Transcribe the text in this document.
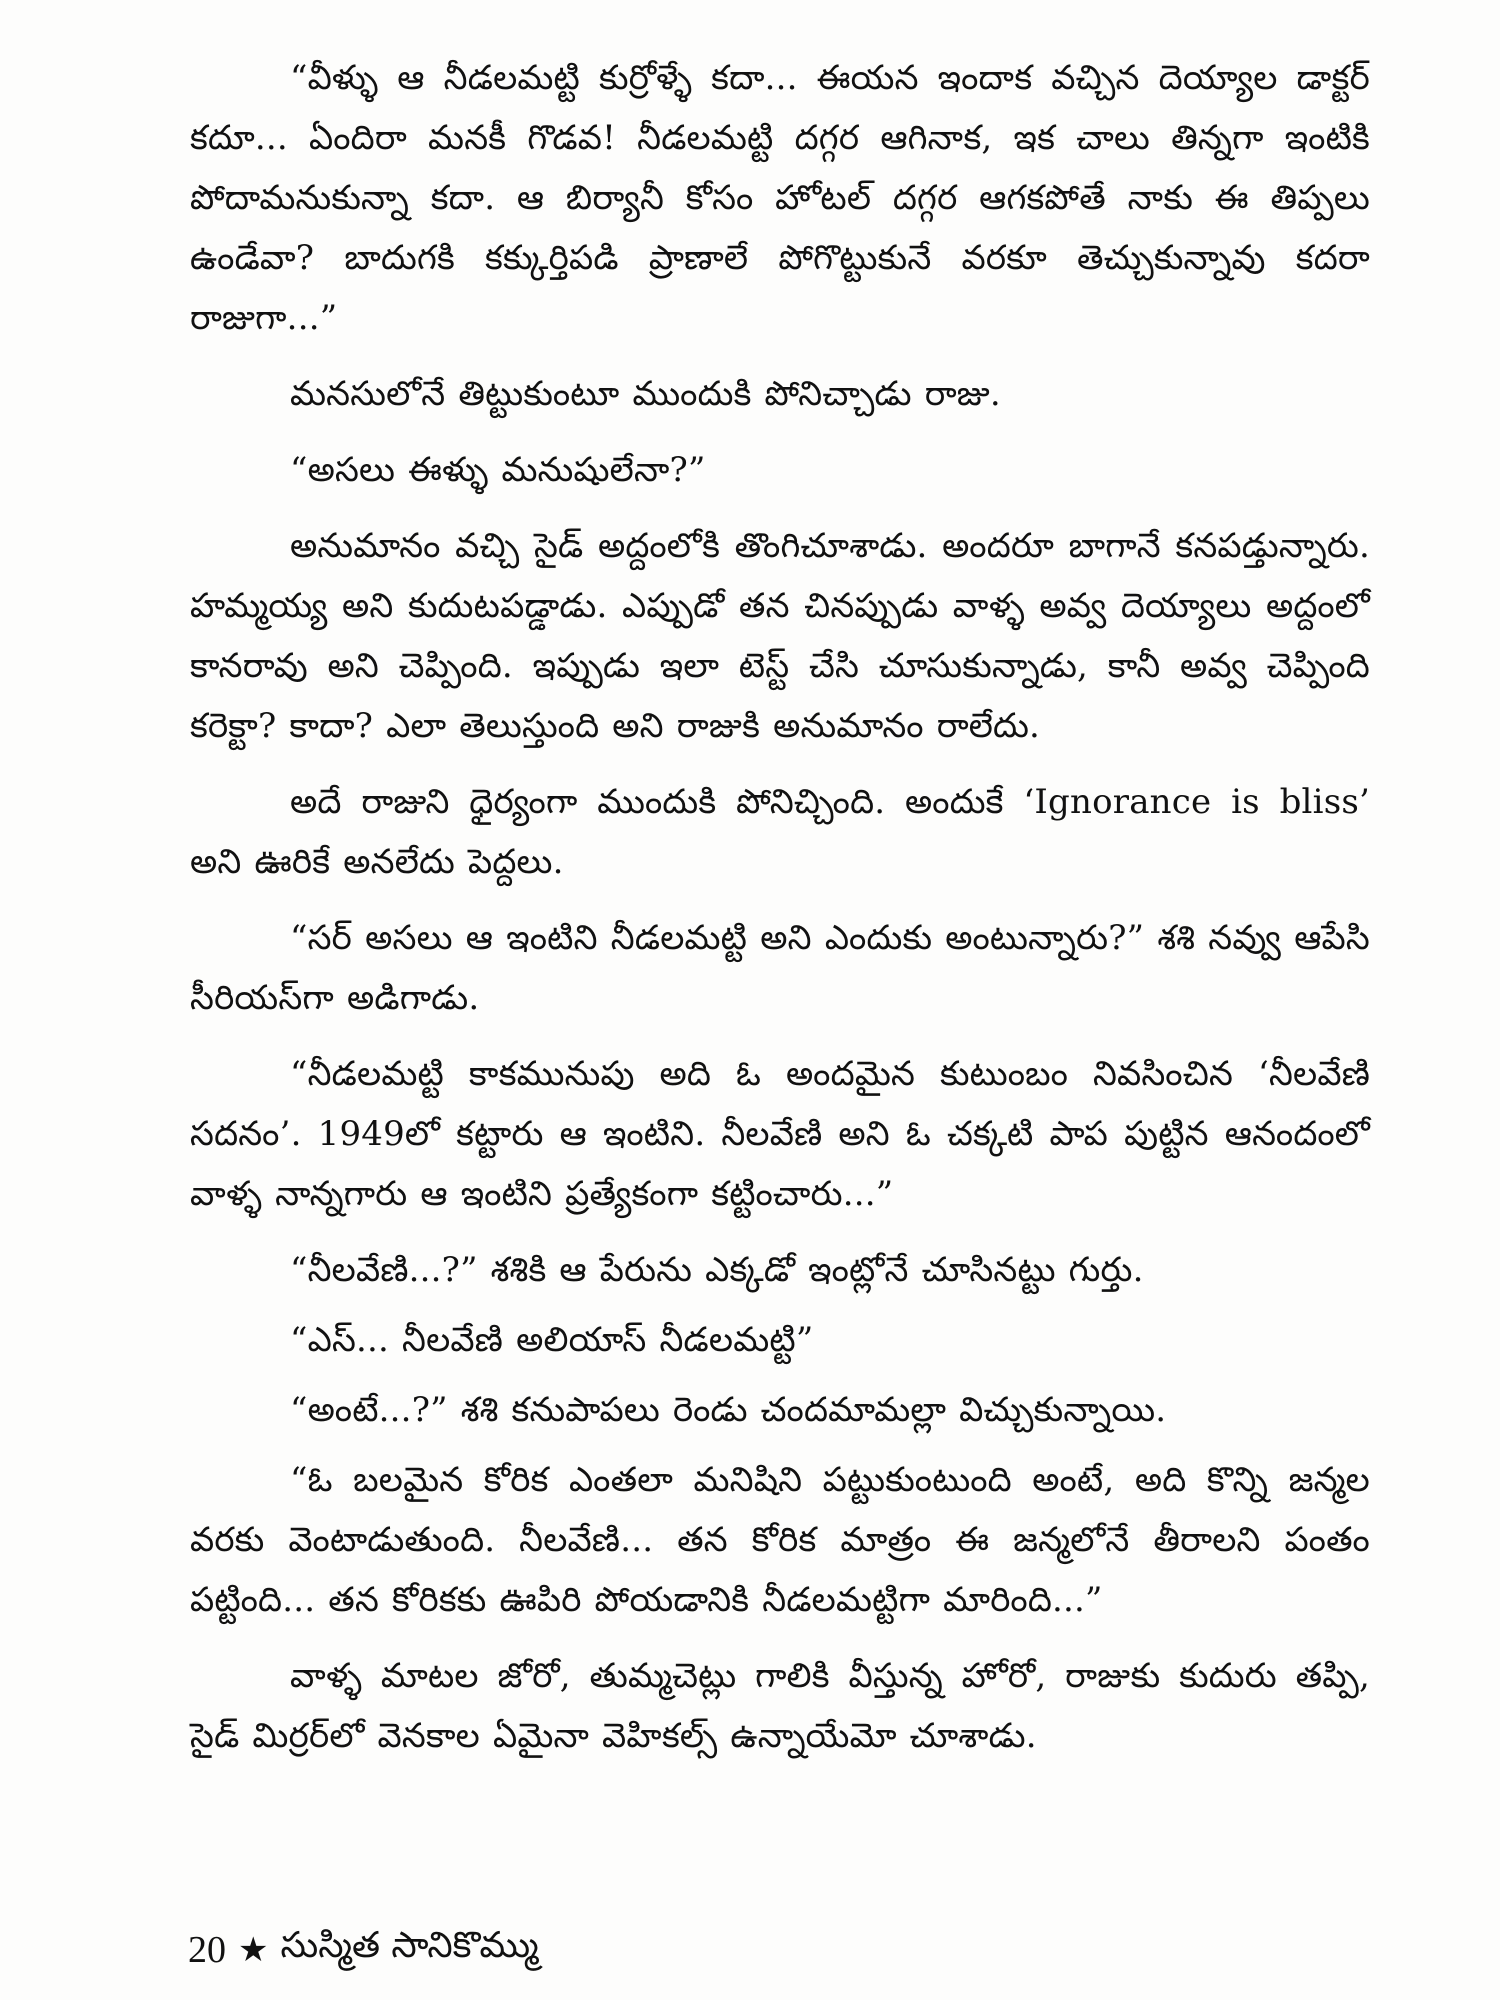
“వీళ్ళు ఆ నీడలమట్టి కుర్రోళ్ళే కదా... ఈయన ఇందాక వచ్చిన దెయ్యాల డాక్టర్ కదూ... ఏందిరా మనకీ గొడవ! నీడలమట్టి దగ్గర ఆగినాక, ఇక చాలు తిన్నగా ఇంటికి పోదామనుకున్నా కదా. ఆ బిర్యానీ కోసం హోటల్ దగ్గర ఆగకపోతే నాకు ఈ తిప్పలు ఉండేవా? బాదుగకి కక్కుర్తిపడి ప్రాణాలే పోగొట్టుకునే వరకూ తెచ్చుకున్నావు కదరా రాజుగా...”

మనసులోనే తిట్టుకుంటూ ముందుకి పోనిచ్చాడు రాజు.

“అసలు ఈళ్ళు మనుషులేనా?”

అనుమానం వచ్చి సైడ్ అద్దంలోకి తొంగిచూశాడు. అందరూ బాగానే కనపడ్తున్నారు. హమ్మయ్య అని కుదుటపడ్డాడు. ఎప్పుడో తన చినప్పుడు వాళ్ళ అవ్వ దెయ్యాలు అద్దంలో కానరావు అని చెప్పింది. ఇప్పుడు ఇలా టెస్ట్ చేసి చూసుకున్నాడు, కానీ అవ్వ చెప్పింది కరెక్టా? కాదా? ఎలా తెలుస్తుంది అని రాజుకి అనుమానం రాలేదు.

అదే రాజుని ధైర్యంగా ముందుకి పోనిచ్చింది. అందుకే ‘Ignorance is bliss’ అని ఊరికే అనలేదు పెద్దలు.

“సర్ అసలు ఆ ఇంటిని నీడలమట్టి అని ఎందుకు అంటున్నారు?” శశి నవ్వు ఆపేసి సీరియస్‌గా అడిగాడు.

“నీడలమట్టి కాకమునుపు అది ఓ అందమైన కుటుంబం నివసించిన ‘నీలవేణి సదనం’. 1949లో కట్టారు ఆ ఇంటిని. నీలవేణి అని ఓ చక్కటి పాప పుట్టిన ఆనందంలో వాళ్ళ నాన్నగారు ఆ ఇంటిని ప్రత్యేకంగా కట్టించారు...”

“నీలవేణి...?” శశికి ఆ పేరును ఎక్కడో ఇంట్లోనే చూసినట్టు గుర్తు.

“ఎస్... నీలవేణి అలియాస్ నీడలమట్టి”

“అంటే...?” శశి కనుపాపలు రెండు చందమామల్లా విచ్చుకున్నాయి.

“ఓ బలమైన కోరిక ఎంతలా మనిషిని పట్టుకుంటుంది అంటే, అది కొన్ని జన్మల వరకు వెంటాడుతుంది. నీలవేణి... తన కోరిక మాత్రం ఈ జన్మలోనే తీరాలని పంతం పట్టింది... తన కోరికకు ఊపిరి పోయడానికి నీడలమట్టిగా మారింది...”

వాళ్ళ మాటల జోరో, తుమ్మచెట్లు గాలికి వీస్తున్న హోరో, రాజుకు కుదురు తప్పి, సైడ్ మిర్రర్‌లో వెనకాల ఏమైనా వెహికల్స్ ఉన్నాయేమో చూశాడు.

20 ★ సుస్మిత సానికొమ్ము
